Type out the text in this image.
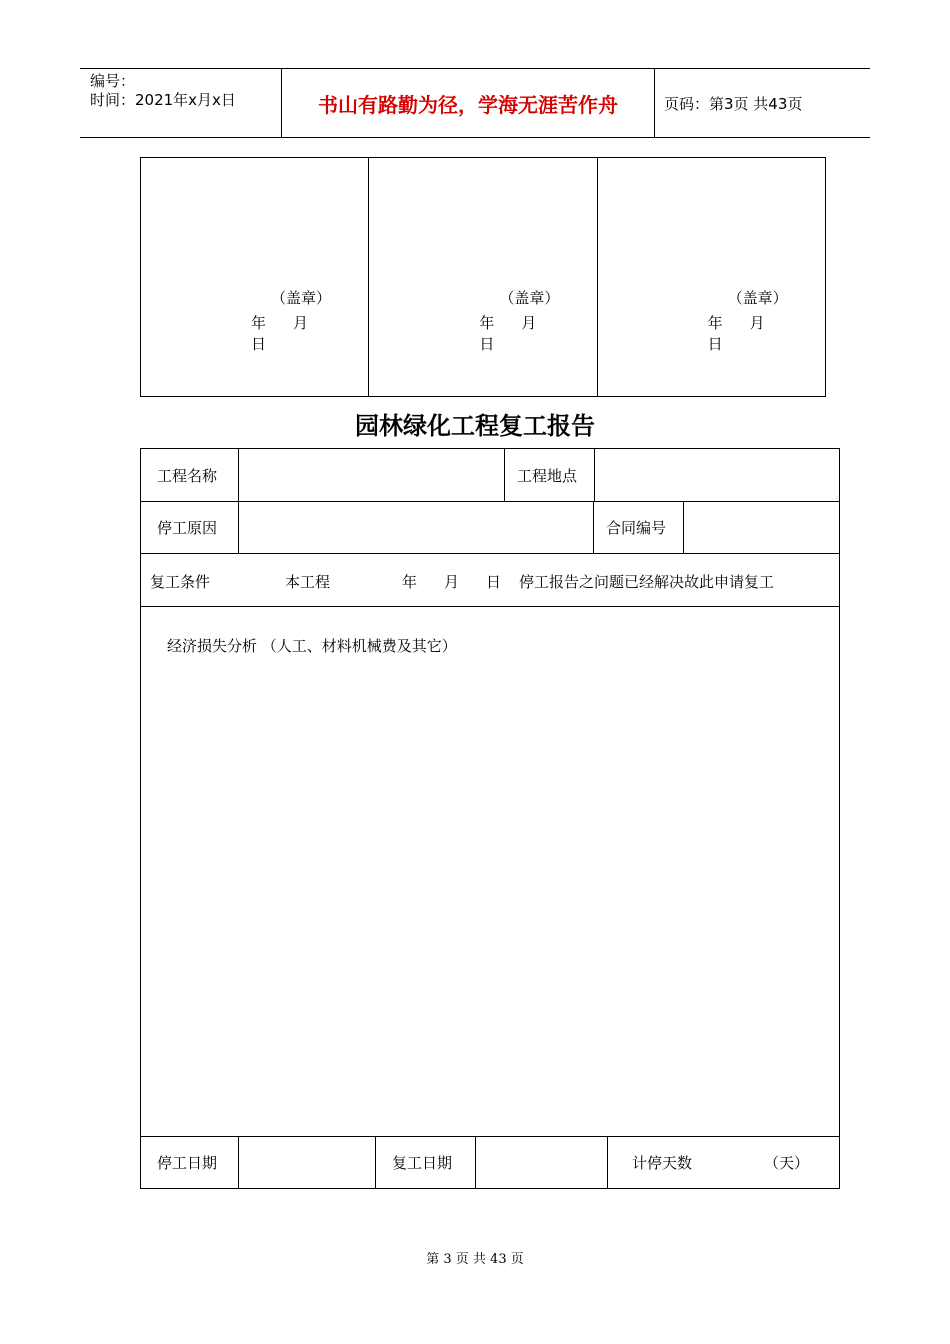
编号：
时间：2021年x月x日	书山有路勤为径，学海无涯苦作舟	页码：第3页 共43页
（盖章）
年 月日
（盖章）
年 月日
（盖章）
年 月日
园林绿化工程复工报告
工程名称	工程地点
停工原因	合同编号
复工条件	本工程	年 月 日 停工报告之问题已经解决故此申请复工
经济损失分析 （人工、材料机械费及其它）
停工日期	复工日期	计停天数	（天）
第 3 页 共 43 页
